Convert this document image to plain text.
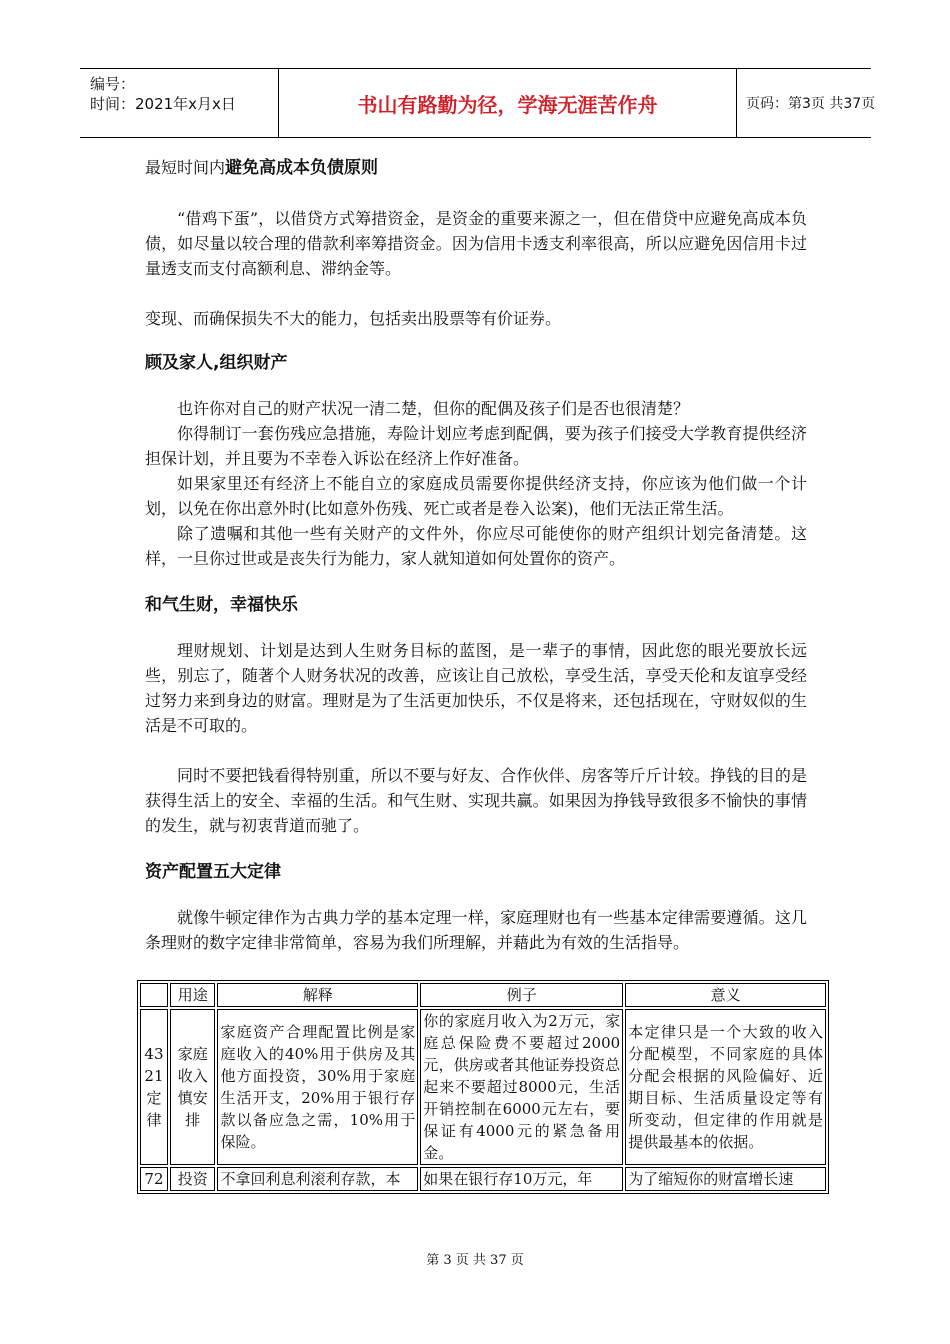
编号：
时间：2021年x月x日	书山有路勤为径，学海无涯苦作舟	页码：第3页 共37页

最短时间内避免高成本负债原则

“借鸡下蛋”，以借贷方式筹措资金，是资金的重要来源之一，但在借贷中应避免高成本负债，如尽量以较合理的借款利率筹措资金。因为信用卡透支利率很高，所以应避免因信用卡过量透支而支付高额利息、滞纳金等。

变现、而确保损失不大的能力，包括卖出股票等有价证券。

顾及家人,组织财产

也许你对自己的财产状况一清二楚，但你的配偶及孩子们是否也很清楚？

你得制订一套伤残应急措施，寿险计划应考虑到配偶，要为孩子们接受大学教育提供经济担保计划，并且要为不幸卷入诉讼在经济上作好准备。

如果家里还有经济上不能自立的家庭成员需要你提供经济支持，你应该为他们做一个计划，以免在你出意外时(比如意外伤残、死亡或者是卷入讼案)，他们无法正常生活。

除了遗嘱和其他一些有关财产的文件外，你应尽可能使你的财产组织计划完备清楚。这样，一旦你过世或是丧失行为能力，家人就知道如何处置你的资产。

和气生财，幸福快乐

理财规划、计划是达到人生财务目标的蓝图，是一辈子的事情，因此您的眼光要放长远些，别忘了，随著个人财务状况的改善，应该让自己放松，享受生活，享受天伦和友谊享受经过努力来到身边的财富。理财是为了生活更加快乐，不仅是将来，还包括现在，守财奴似的生活是不可取的。

同时不要把钱看得特别重，所以不要与好友、合作伙伴、房客等斤斤计较。挣钱的目的是获得生活上的安全、幸福的生活。和气生财、实现共赢。如果因为挣钱导致很多不愉快的事情的发生，就与初衷背道而驰了。

资产配置五大定律

就像牛顿定律作为古典力学的基本定理一样，家庭理财也有一些基本定律需要遵循。这几条理财的数字定律非常简单，容易为我们所理解，并藉此为有效的生活指导。

	用途	解释	例子	意义
4321定律	家庭收入慎安排	家庭资产合理配置比例是家庭收入的40%用于供房及其他方面投资，30%用于家庭生活开支，20%用于银行存款以备应急之需，10%用于保险。	你的家庭月收入为2万元，家庭总保险费不要超过2000元，供房或者其他证券投资总起来不要超过8000元，生活开销控制在6000元左右，要保证有4000元的紧急备用金。	本定律只是一个大致的收入分配模型，不同家庭的具体分配会根据的风险偏好、近期目标、生活质量设定等有所变动，但定律的作用就是提供最基本的依据。
72	投资	不拿回利息利滚利存款，本	如果在银行存10万元，年	为了缩短你的财富增长速
第 3 页 共 37 页
